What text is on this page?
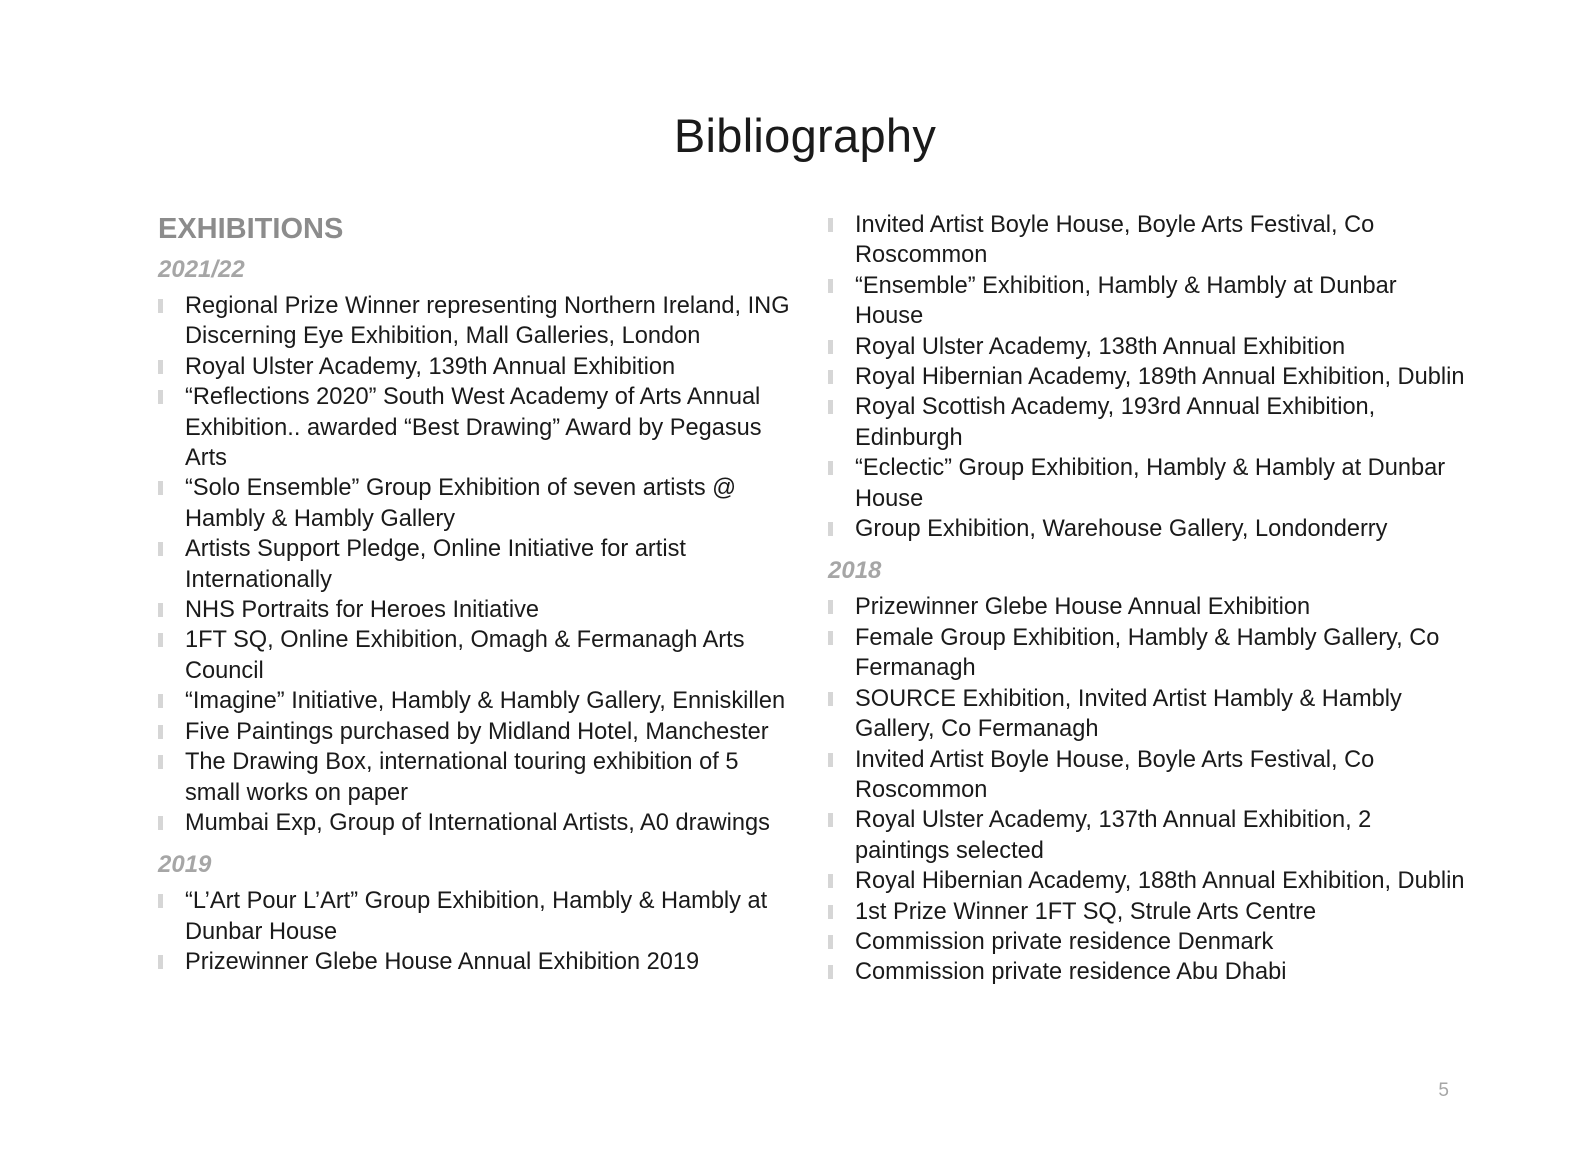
Bibliography
EXHIBITIONS
2021/22
Regional Prize Winner representing Northern Ireland, ING Discerning Eye Exhibition, Mall Galleries, London
Royal Ulster Academy, 139th Annual Exhibition
“Reflections 2020” South West Academy of Arts Annual Exhibition.. awarded “Best Drawing” Award by Pegasus Arts
“Solo Ensemble” Group Exhibition of seven artists @ Hambly & Hambly Gallery
Artists Support Pledge, Online Initiative for artist Internationally
NHS Portraits for Heroes Initiative
1FT SQ, Online Exhibition, Omagh & Fermanagh Arts Council
“Imagine” Initiative, Hambly & Hambly Gallery, Enniskillen
Five Paintings purchased by Midland Hotel, Manchester
The Drawing Box, international touring exhibition of 5 small works on paper
Mumbai Exp, Group of International Artists, A0 drawings
2019
“L’Art Pour L’Art” Group Exhibition, Hambly & Hambly at Dunbar House
Prizewinner Glebe House Annual Exhibition 2019
Invited Artist Boyle House, Boyle Arts Festival, Co Roscommon
“Ensemble” Exhibition, Hambly & Hambly at Dunbar House
Royal Ulster Academy, 138th Annual Exhibition
Royal Hibernian Academy, 189th Annual Exhibition, Dublin
Royal Scottish Academy, 193rd Annual Exhibition, Edinburgh
“Eclectic” Group Exhibition, Hambly & Hambly at Dunbar House
Group Exhibition, Warehouse Gallery, Londonderry
2018
Prizewinner Glebe House Annual Exhibition
Female Group Exhibition, Hambly & Hambly Gallery, Co Fermanagh
SOURCE Exhibition, Invited Artist Hambly & Hambly Gallery, Co Fermanagh
Invited Artist Boyle House, Boyle Arts Festival, Co Roscommon
Royal Ulster Academy, 137th Annual Exhibition, 2 paintings selected
Royal Hibernian Academy, 188th Annual Exhibition, Dublin
1st Prize Winner 1FT SQ, Strule Arts Centre
Commission private residence Denmark
Commission private residence Abu Dhabi
5
